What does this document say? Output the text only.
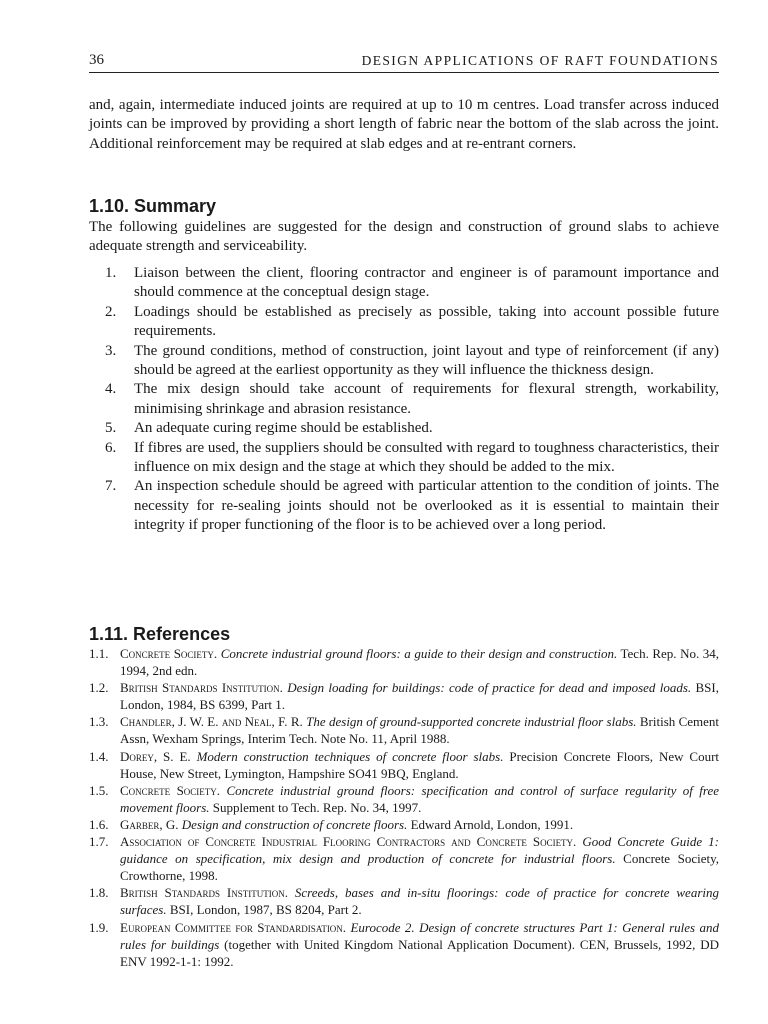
36	DESIGN APPLICATIONS OF RAFT FOUNDATIONS

and, again, intermediate induced joints are required at up to 10 m centres. Load transfer across induced joints can be improved by providing a short length of fabric near the bottom of the slab across the joint. Additional reinforcement may be required at slab edges and at re-entrant corners.

1.10. Summary

The following guidelines are suggested for the design and construction of ground slabs to achieve adequate strength and serviceability.

1. Liaison between the client, flooring contractor and engineer is of paramount importance and should commence at the conceptual design stage.
2. Loadings should be established as precisely as possible, taking into account possible future requirements.
3. The ground conditions, method of construction, joint layout and type of reinforcement (if any) should be agreed at the earliest opportunity as they will influence the thickness design.
4. The mix design should take account of requirements for flexural strength, workability, minimising shrinkage and abrasion resistance.
5. An adequate curing regime should be established.
6. If fibres are used, the suppliers should be consulted with regard to toughness characteristics, their influence on mix design and the stage at which they should be added to the mix.
7. An inspection schedule should be agreed with particular attention to the condition of joints. The necessity for re-sealing joints should not be overlooked as it is essential to maintain their integrity if proper functioning of the floor is to be achieved over a long period.
1.11. References
1.1. Concrete Society. Concrete industrial ground floors: a guide to their design and construction. Tech. Rep. No. 34, 1994, 2nd edn.
1.2. British Standards Institution. Design loading for buildings: code of practice for dead and imposed loads. BSI, London, 1984, BS 6399, Part 1.
1.3. Chandler, J. W. E. and Neal, F. R. The design of ground-supported concrete industrial floor slabs. British Cement Assn, Wexham Springs, Interim Tech. Note No. 11, April 1988.
1.4. Dorey, S. E. Modern construction techniques of concrete floor slabs. Precision Concrete Floors, New Court House, New Street, Lymington, Hampshire SO41 9BQ, England.
1.5. Concrete Society. Concrete industrial ground floors: specification and control of surface regularity of free movement floors. Supplement to Tech. Rep. No. 34, 1997.
1.6. Garber, G. Design and construction of concrete floors. Edward Arnold, London, 1991.
1.7. Association of Concrete Industrial Flooring Contractors and Concrete Society. Good Concrete Guide 1: guidance on specification, mix design and production of concrete for industrial floors. Concrete Society, Crowthorne, 1998.
1.8. British Standards Institution. Screeds, bases and in-situ floorings: code of practice for concrete wearing surfaces. BSI, London, 1987, BS 8204, Part 2.
1.9. European Committee for Standardisation. Eurocode 2. Design of concrete structures Part 1: General rules and rules for buildings (together with United Kingdom National Application Document). CEN, Brussels, 1992, DD ENV 1992-1-1: 1992.
